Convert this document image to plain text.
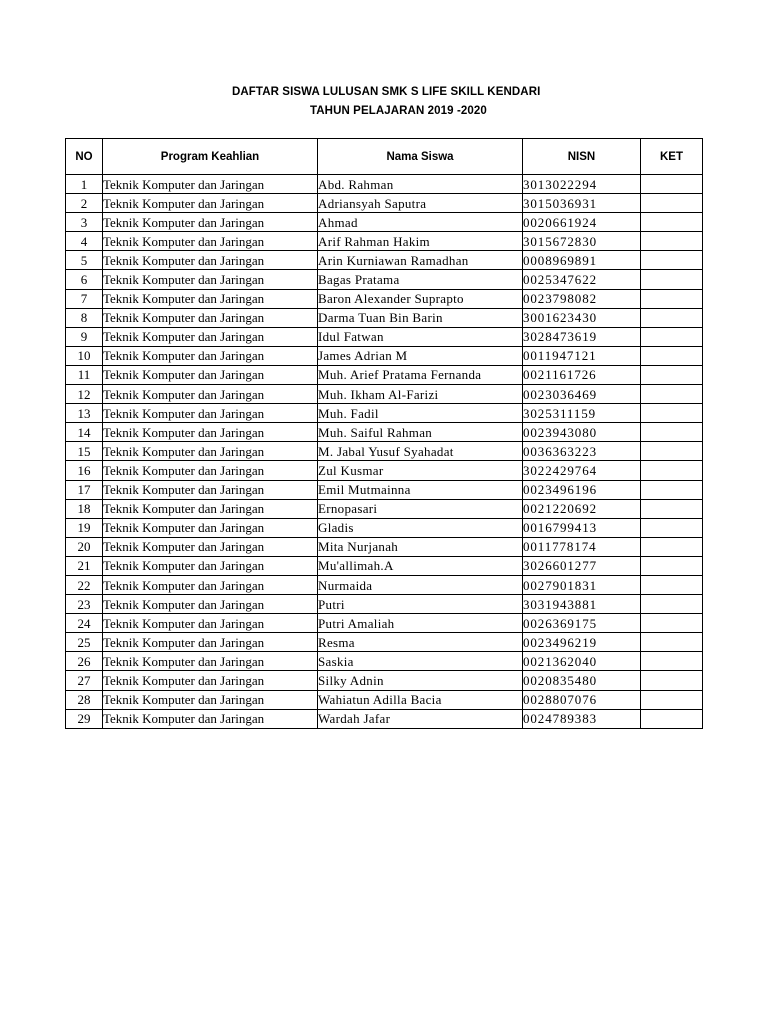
DAFTAR SISWA LULUSAN SMK S LIFE SKILL KENDARI
TAHUN PELAJARAN 2019 -2020
NO	Program Keahlian	Nama Siswa	NISN	KET
1	Teknik Komputer dan Jaringan	Abd. Rahman	3013022294	
2	Teknik Komputer dan Jaringan	Adriansyah Saputra	3015036931	
3	Teknik Komputer dan Jaringan	Ahmad	0020661924	
4	Teknik Komputer dan Jaringan	Arif Rahman Hakim	3015672830	
5	Teknik Komputer dan Jaringan	Arin Kurniawan Ramadhan	0008969891	
6	Teknik Komputer dan Jaringan	Bagas Pratama	0025347622	
7	Teknik Komputer dan Jaringan	Baron Alexander Suprapto	0023798082	
8	Teknik Komputer dan Jaringan	Darma Tuan Bin Barin	3001623430	
9	Teknik Komputer dan Jaringan	Idul Fatwan	3028473619	
10	Teknik Komputer dan Jaringan	James Adrian M	0011947121	
11	Teknik Komputer dan Jaringan	Muh. Arief Pratama Fernanda	0021161726	
12	Teknik Komputer dan Jaringan	Muh. Ikham Al-Farizi	0023036469	
13	Teknik Komputer dan Jaringan	Muh. Fadil	3025311159	
14	Teknik Komputer dan Jaringan	Muh. Saiful Rahman	0023943080	
15	Teknik Komputer dan Jaringan	M. Jabal Yusuf Syahadat	0036363223	
16	Teknik Komputer dan Jaringan	Zul Kusmar	3022429764	
17	Teknik Komputer dan Jaringan	Emil Mutmainna	0023496196	
18	Teknik Komputer dan Jaringan	Ernopasari	0021220692	
19	Teknik Komputer dan Jaringan	Gladis	0016799413	
20	Teknik Komputer dan Jaringan	Mita Nurjanah	0011778174	
21	Teknik Komputer dan Jaringan	Mu'allimah.A	3026601277	
22	Teknik Komputer dan Jaringan	Nurmaida	0027901831	
23	Teknik Komputer dan Jaringan	Putri	3031943881	
24	Teknik Komputer dan Jaringan	Putri Amaliah	0026369175	
25	Teknik Komputer dan Jaringan	Resma	0023496219	
26	Teknik Komputer dan Jaringan	Saskia	0021362040	
27	Teknik Komputer dan Jaringan	Silky Adnin	0020835480	
28	Teknik Komputer dan Jaringan	Wahiatun Adilla Bacia	0028807076	
29	Teknik Komputer dan Jaringan	Wardah Jafar	0024789383	
